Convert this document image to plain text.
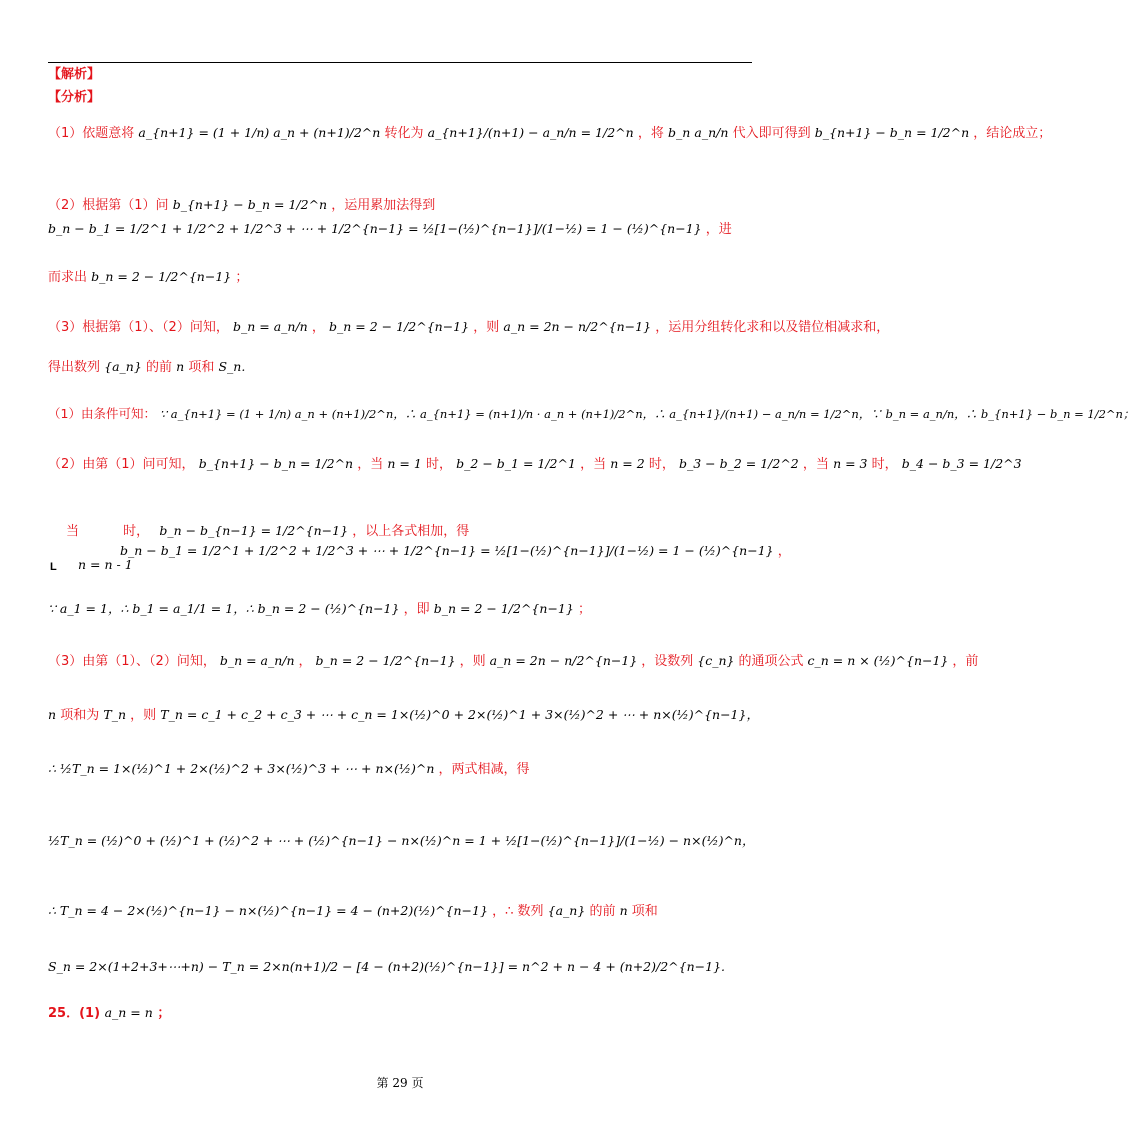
【解析】
【分析】
（1）依题意将 a_{n+1} = (1 + 1/n) a_n + (n+1)/2^n 转化为 a_{n+1}/(n+1) − a_n/n = 1/2^n ，将 b_n a_n/n 代入即可得到 b_{n+1} − b_n = 1/2^n ，结论成立；
（2）根据第（1）问 b_{n+1} − b_n = 1/2^n ，运用累加法得到
b_n − b_1 = 1/2^1 + 1/2^2 + 1/2^3 + ⋯ + 1/2^{n−1} = ½[1−(½)^{n−1}]/(1−½) = 1 − (½)^{n−1} ，进
而求出 b_n = 2 − 1/2^{n−1} ；
（3）根据第（1）、（2）问知， b_n = a_n/n ， b_n = 2 − 1/2^{n−1} ，则 a_n = 2n − n/2^{n−1} ，运用分组转化求和以及错位相减求和，
得出数列 {a_n} 的前 n 项和 S_n.
（1）由条件可知： ∵ a_{n+1} = (1 + 1/n) a_n + (n+1)/2^n，∴ a_{n+1} = (n+1)/n · a_n + (n+1)/2^n，∴ a_{n+1}/(n+1) − a_n/n = 1/2^n，∵ b_n = a_n/n，∴ b_{n+1} − b_n = 1/2^n；
（2）由第（1）问可知， b_{n+1} − b_n = 1/2^n ，当 n = 1 时， b_2 − b_1 = 1/2^1 ，当 n = 2 时， b_3 − b_2 = 1/2^2 ，当 n = 3 时， b_4 − b_3 = 1/2^3
当	时， b_n − b_{n−1} = 1/2^{n−1} ，以上各式相加，得
b_n − b_1 = 1/2^1 + 1/2^2 + 1/2^3 + ⋯ + 1/2^{n−1} = ½[1−(½)^{n−1}]/(1−½) = 1 − (½)^{n−1} ，
L n = n - 1
∵ a_1 = 1，∴ b_1 = a_1/1 = 1，∴ b_n = 2 − (½)^{n−1} ，即 b_n = 2 − 1/2^{n−1} ；
（3）由第（1）、（2）问知， b_n = a_n/n ， b_n = 2 − 1/2^{n−1} ，则 a_n = 2n − n/2^{n−1} ，设数列 {c_n} 的通项公式 c_n = n × (½)^{n−1} ，前
n 项和为 T_n ，则 T_n = c_1 + c_2 + c_3 + ⋯ + c_n = 1×(½)^0 + 2×(½)^1 + 3×(½)^2 + ⋯ + n×(½)^{n−1}，
∴ ½T_n = 1×(½)^1 + 2×(½)^2 + 3×(½)^3 + ⋯ + n×(½)^n ，两式相减，得
½T_n = (½)^0 + (½)^1 + (½)^2 + ⋯ + (½)^{n−1} − n×(½)^n = 1 + ½[1−(½)^{n−1}]/(1−½) − n×(½)^n，
∴ T_n = 4 − 2×(½)^{n−1} − n×(½)^{n−1} = 4 − (n+2)(½)^{n−1} ，∴ 数列 {a_n} 的前 n 项和
S_n = 2×(1+2+3+⋯+n) − T_n = 2×n(n+1)/2 − [4 − (n+2)(½)^{n−1}] = n^2 + n − 4 + (n+2)/2^{n−1}.
25．(1) a_n = n ；
第 29 页
